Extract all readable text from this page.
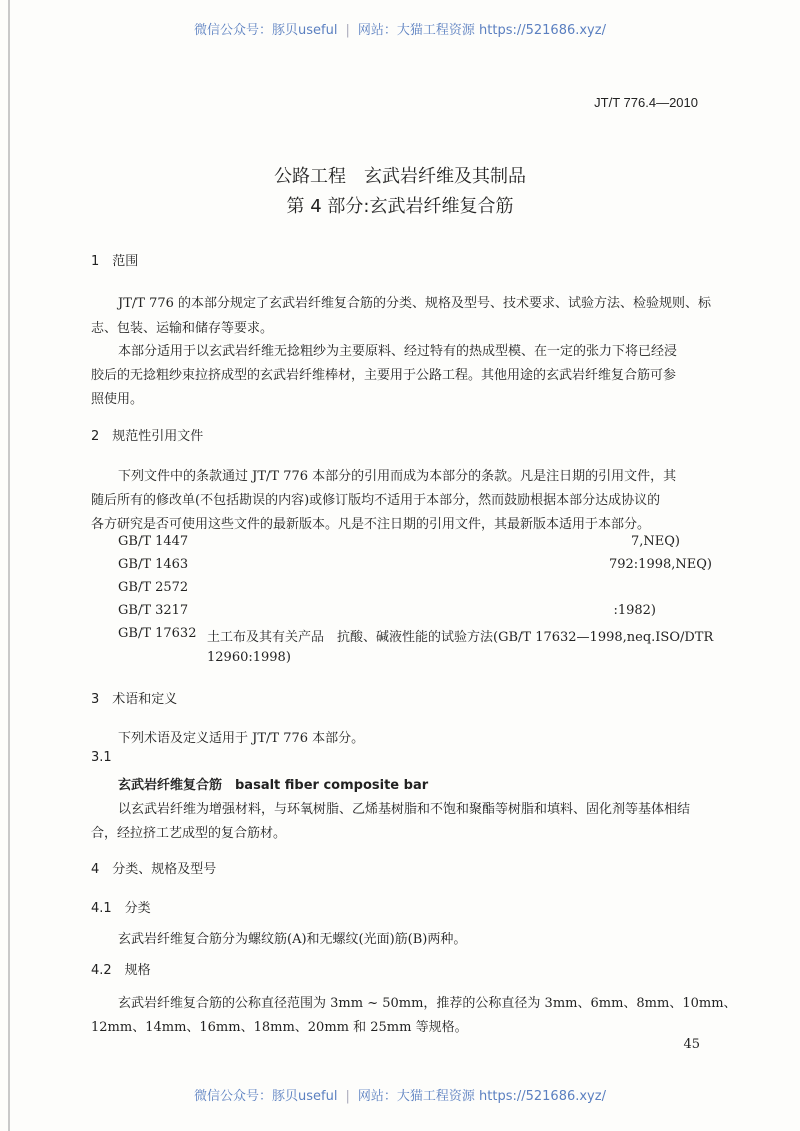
微信公众号：豚贝useful | 网站：大猫工程资源 https://521686.xyz/
JT/T 776.4—2010
公路工程　玄武岩纤维及其制品
第 4 部分:玄武岩纤维复合筋
1　范围
JT/T 776 的本部分规定了玄武岩纤维复合筋的分类、规格及型号、技术要求、试验方法、检验规则、标
志、包装、运输和储存等要求。
本部分适用于以玄武岩纤维无捻粗纱为主要原料、经过特有的热成型模、在一定的张力下将已经浸
胶后的无捻粗纱束拉挤成型的玄武岩纤维棒材，主要用于公路工程。其他用途的玄武岩纤维复合筋可参
照使用。
2　规范性引用文件
下列文件中的条款通过 JT/T 776 本部分的引用而成为本部分的条款。凡是注日期的引用文件，其
随后所有的修改单(不包括勘误的内容)或修订版均不适用于本部分，然而鼓励根据本部分达成协议的
各方研究是否可使用这些文件的最新版本。凡是不注日期的引用文件，其最新版本适用于本部分。
GB/T 1447	7,NEQ)
GB/T 1463	792:1998,NEQ)
GB/T 2572
GB/T 3217	:1982)
GB/T 17632 土工布及其有关产品　抗酸、碱液性能的试验方法(GB/T 17632—1998,neq.ISO/DTR
12960:1998)
3　术语和定义
下列术语及定义适用于 JT/T 776 本部分。
3.1
玄武岩纤维复合筋　basalt fiber composite bar
以玄武岩纤维为增强材料，与环氧树脂、乙烯基树脂和不饱和聚酯等树脂和填料、固化剂等基体相结
合，经拉挤工艺成型的复合筋材。
4　分类、规格及型号
4.1　分类
玄武岩纤维复合筋分为螺纹筋(A)和无螺纹(光面)筋(B)两种。
4.2　规格
玄武岩纤维复合筋的公称直径范围为 3mm ~ 50mm，推荐的公称直径为 3mm、6mm、8mm、10mm、
12mm、14mm、16mm、18mm、20mm 和 25mm 等规格。
45
微信公众号：豚贝useful | 网站：大猫工程资源 https://521686.xyz/
